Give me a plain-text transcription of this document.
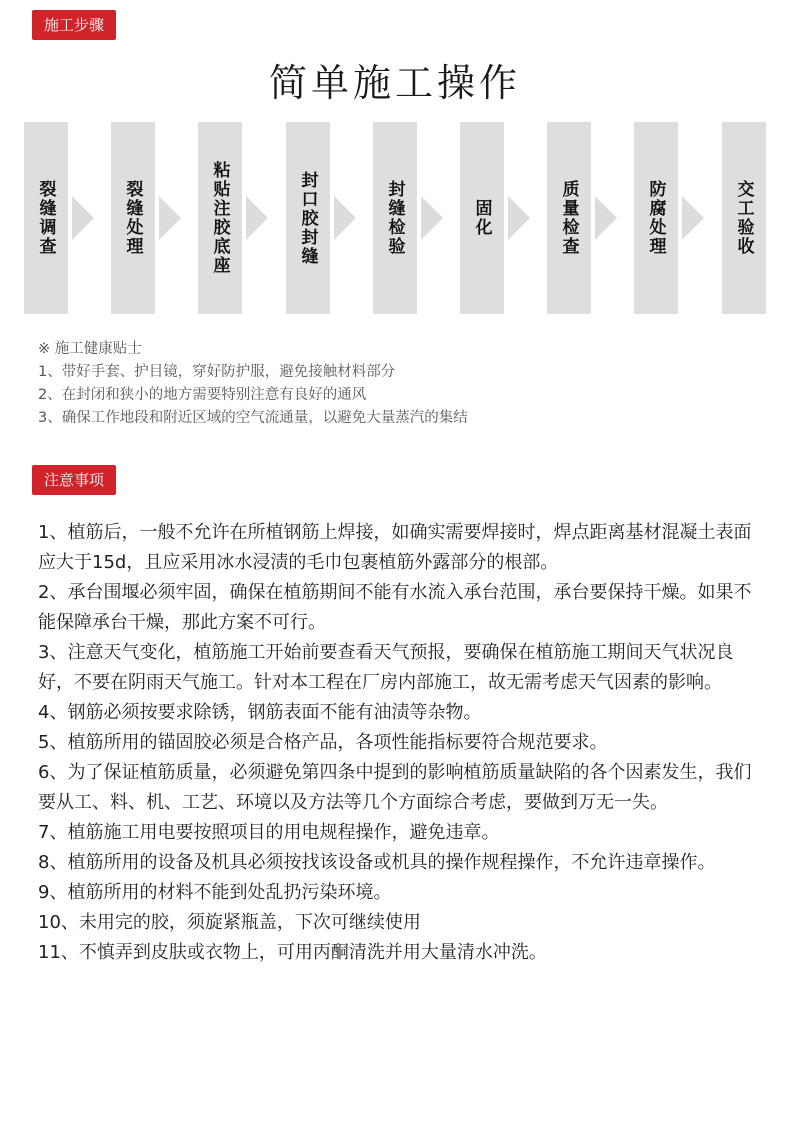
施工步骤
简单施工操作
裂缝调查	裂缝处理	粘贴注胶底座	封口胶封缝	封缝检验	固化	质量检查	防腐处理	交工验收
※ 施工健康贴士
1、带好手套、护目镜，穿好防护服，避免接触材料部分
2、在封闭和狭小的地方需要特别注意有良好的通风
3、确保工作地段和附近区域的空气流通量，以避免大量蒸汽的集结
注意事项

1、植筋后，一般不允许在所植钢筋上焊接，如确实需要焊接时，焊点距离基材混凝土表面应大于15d，且应采用冰水浸渍的毛巾包裹植筋外露部分的根部。

2、承台围堰必须牢固，确保在植筋期间不能有水流入承台范围，承台要保持干燥。如果不能保障承台干燥，那此方案不可行。

3、注意天气变化，植筋施工开始前要查看天气预报，要确保在植筋施工期间天气状况良好，不要在阴雨天气施工。针对本工程在厂房内部施工，故无需考虑天气因素的影响。

4、钢筋必须按要求除锈，钢筋表面不能有油渍等杂物。

5、植筋所用的锚固胶必须是合格产品，各项性能指标要符合规范要求。

6、为了保证植筋质量，必须避免第四条中提到的影响植筋质量缺陷的各个因素发生，我们要从工、料、机、工艺、环境以及方法等几个方面综合考虑，要做到万无一失。

7、植筋施工用电要按照项目的用电规程操作，避免违章。

8、植筋所用的设备及机具必须按找该设备或机具的操作规程操作，不允许违章操作。

9、植筋所用的材料不能到处乱扔污染环境。

10、未用完的胶，须旋紧瓶盖，下次可继续使用

11、不慎弄到皮肤或衣物上，可用丙酮清洗并用大量清水冲洗。
